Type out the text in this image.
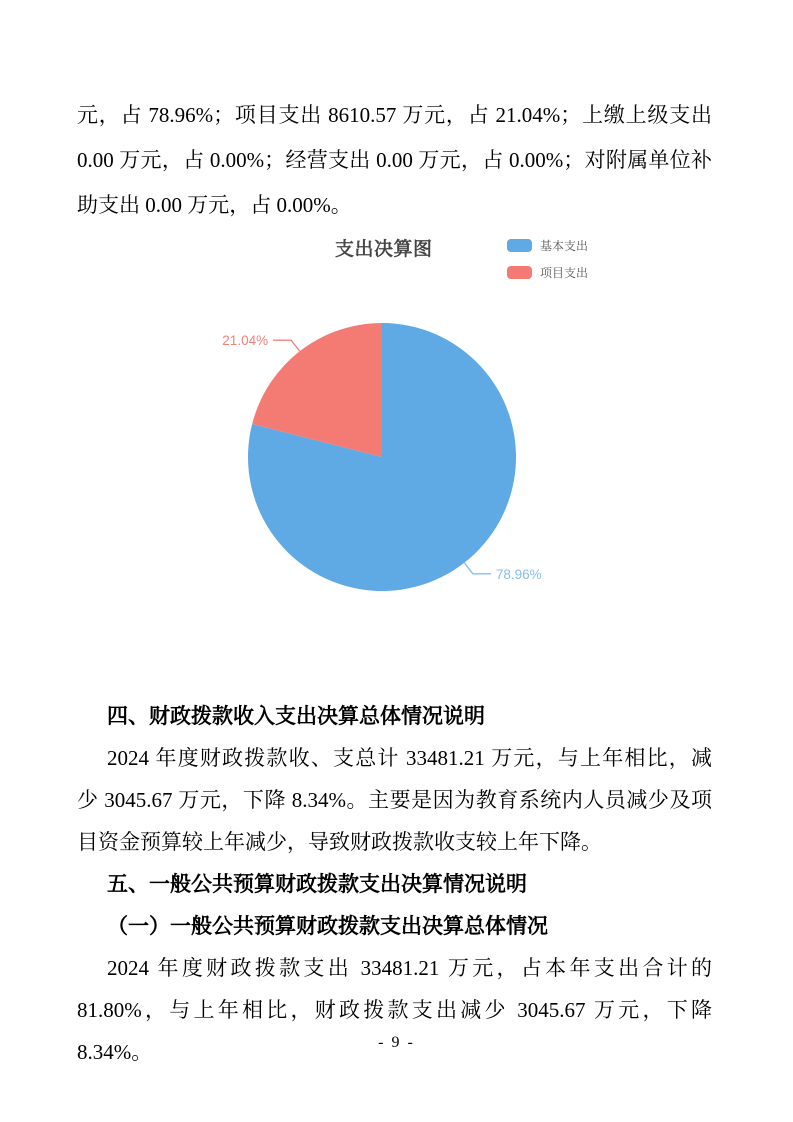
元，占 78.96%；项目支出 8610.57 万元，占 21.04%；上缴上级支出
0.00 万元，占 0.00%；经营支出 0.00 万元，占 0.00%；对附属单位补
助支出 0.00 万元，占 0.00%。
支出决算图	基本支出
项目支出
78.96%
21.04%
四、财政拨款收入支出决算总体情况说明
2024 年度财政拨款收、支总计 33481.21 万元，与上年相比，减
少 3045.67 万元，下降 8.34%。主要是因为教育系统内人员减少及项
目资金预算较上年减少，导致财政拨款收支较上年下降。
五、一般公共预算财政拨款支出决算情况说明
（一）一般公共预算财政拨款支出决算总体情况
2024 年度财政拨款支出 33481.21 万元，占本年支出合计的
81.80%，与上年相比，财政拨款支出减少 3045.67 万元，下降 8.34%。	- 9 -
